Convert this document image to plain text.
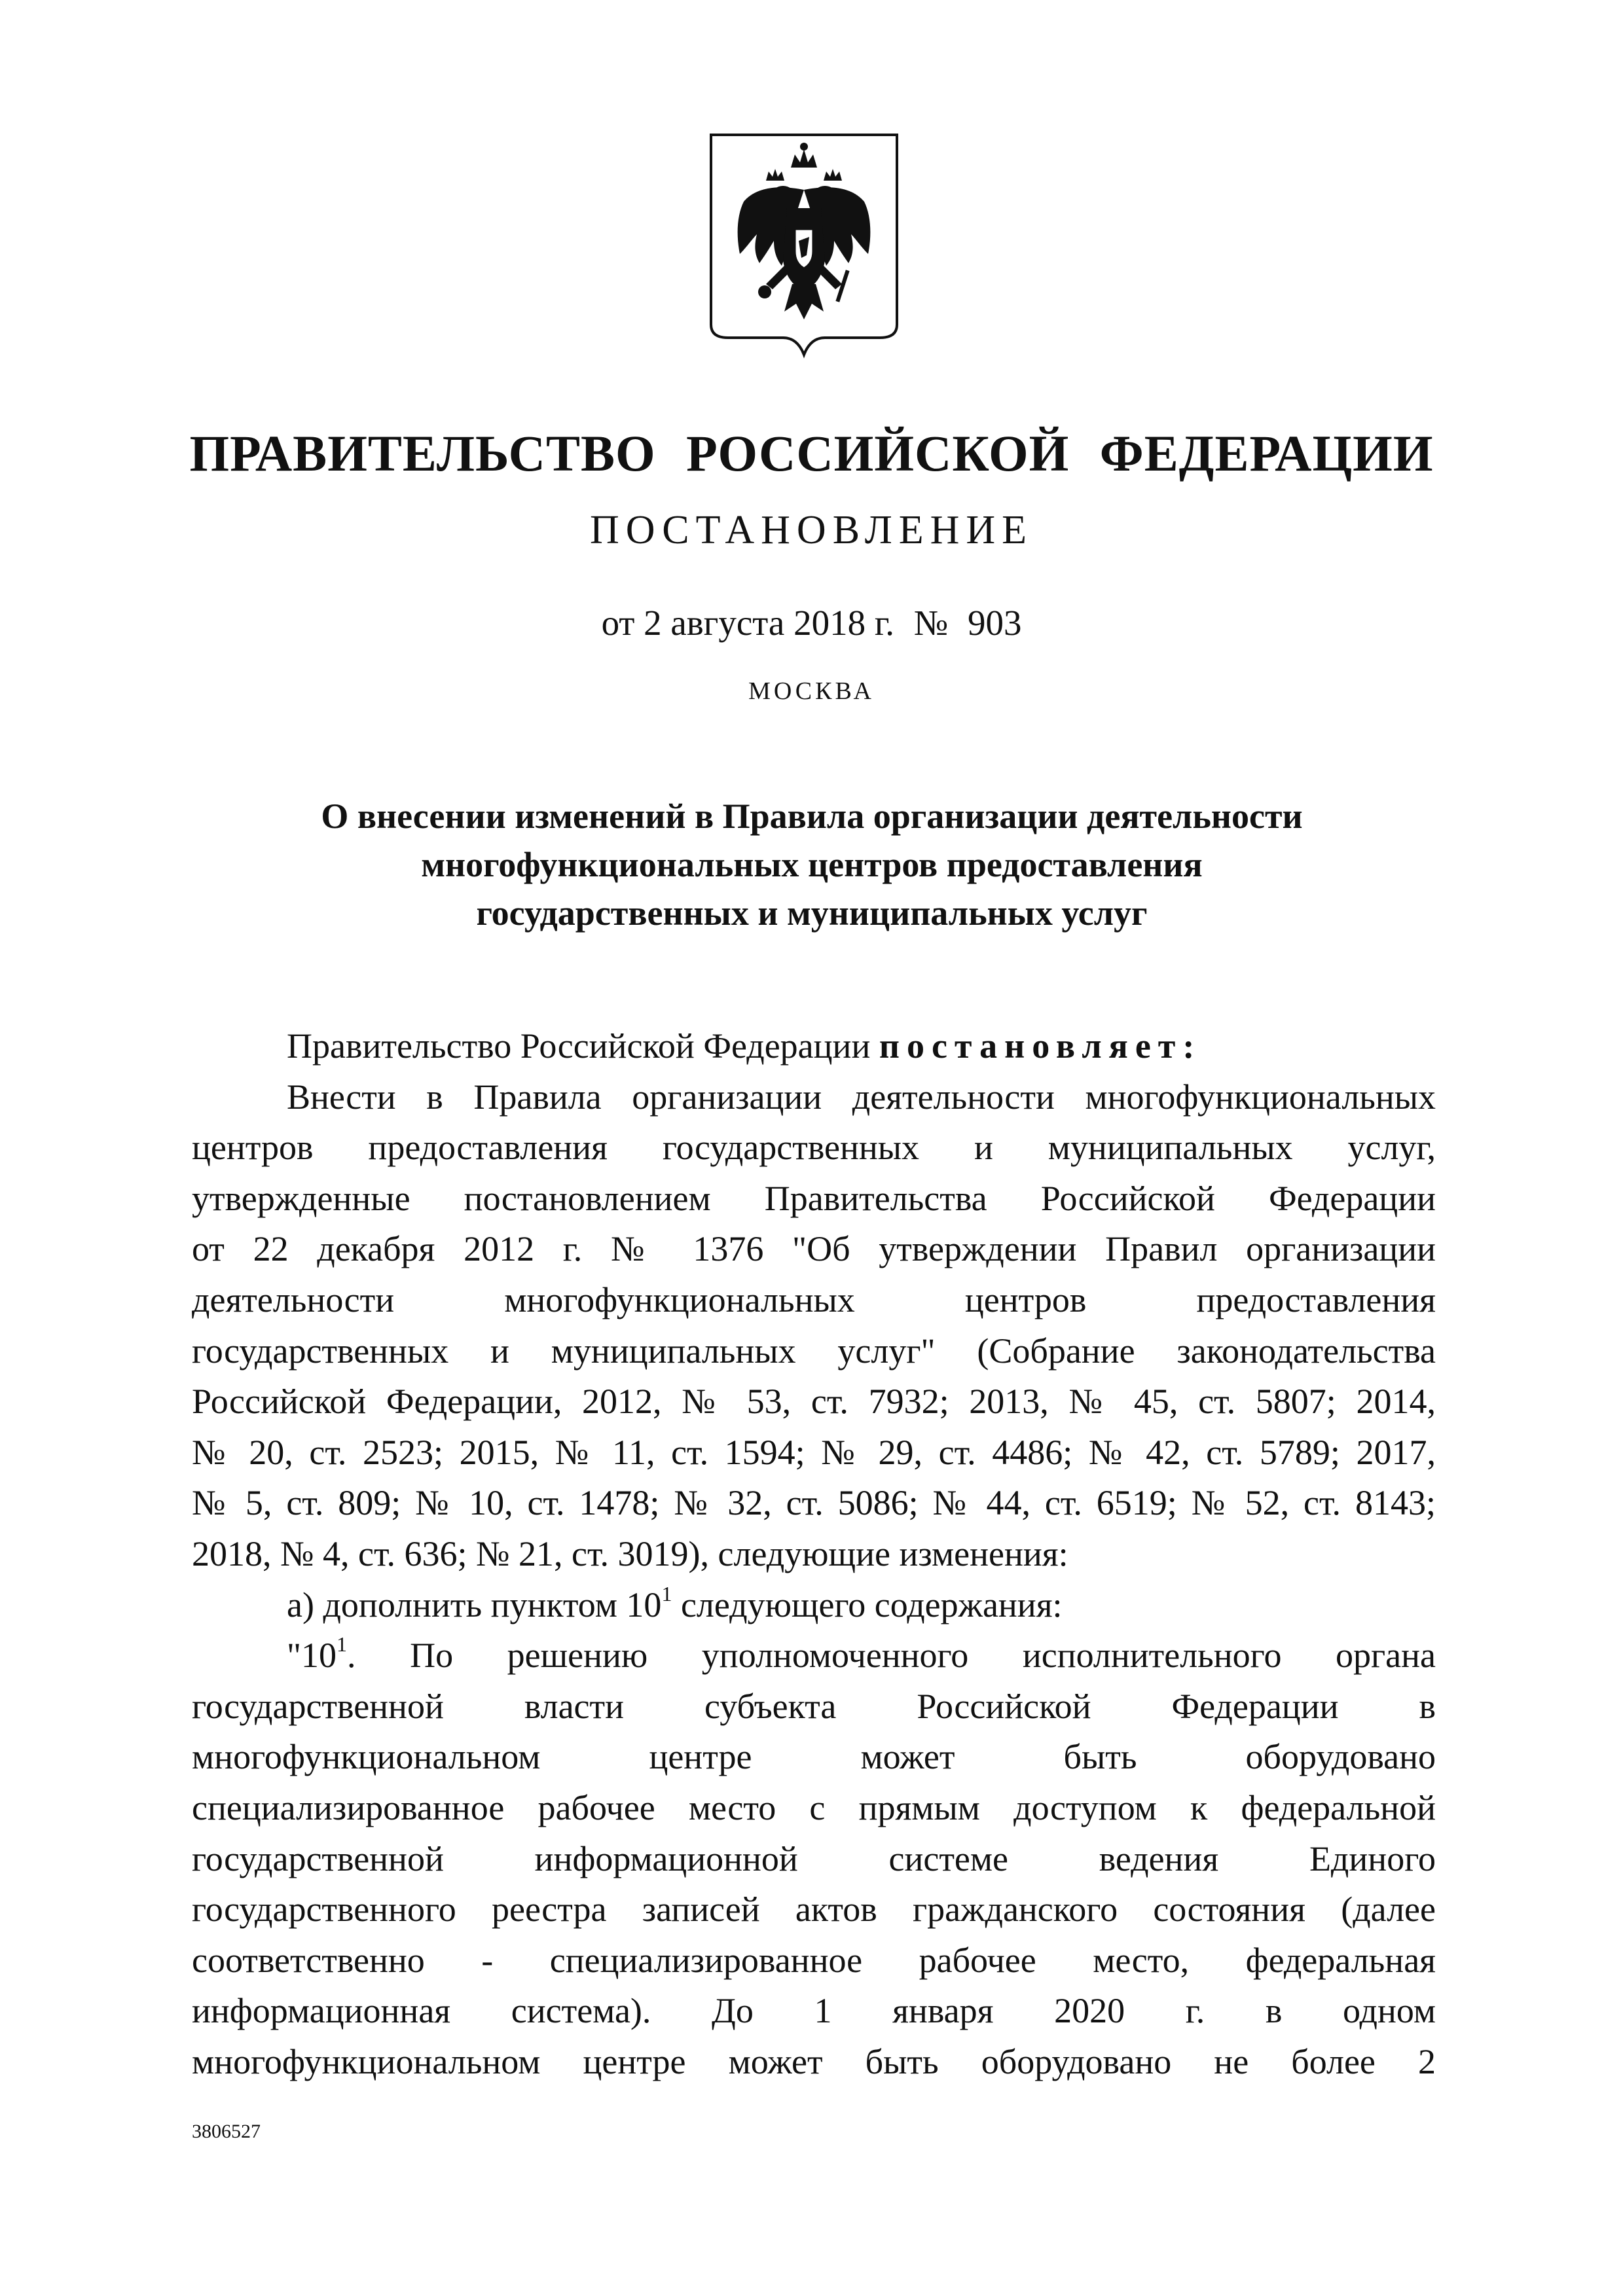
ПРАВИТЕЛЬСТВО РОССИЙСКОЙ ФЕДЕРАЦИИ
ПОСТАНОВЛЕНИЕ
от 2 августа 2018 г. № 903
МОСКВА
О внесении изменений в Правила организации деятельности
многофункциональных центров предоставления
государственных и муниципальных услуг
Правительство Российской Федерации постановляет:
Внести в Правила организации деятельности многофункциональных
центров предоставления государственных и муниципальных услуг,
утвержденные постановлением Правительства Российской Федерации
от 22 декабря 2012 г. № 1376 "Об утверждении Правил организации
деятельности многофункциональных центров предоставления
государственных и муниципальных услуг" (Собрание законодательства
Российской Федерации, 2012, № 53, ст. 7932; 2013, № 45, ст. 5807; 2014,
№ 20, ст. 2523; 2015, № 11, ст. 1594; № 29, ст. 4486; № 42, ст. 5789; 2017,
№ 5, ст. 809; № 10, ст. 1478; № 32, ст. 5086; № 44, ст. 6519; № 52, ст. 8143;
2018, № 4, ст. 636; № 21, ст. 3019), следующие изменения:
а) дополнить пунктом $10^1$ следующего содержания:
"$10^1$. По решению уполномоченного исполнительного органа
государственной власти субъекта Российской Федерации в
многофункциональном центре может быть оборудовано
специализированное рабочее место с прямым доступом к федеральной
государственной информационной системе ведения Единого
государственного реестра записей актов гражданского состояния (далее
соответственно - специализированное рабочее место, федеральная
информационная система). До 1 января 2020 г. в одном
многофункциональном центре может быть оборудовано не более 2
3806527
